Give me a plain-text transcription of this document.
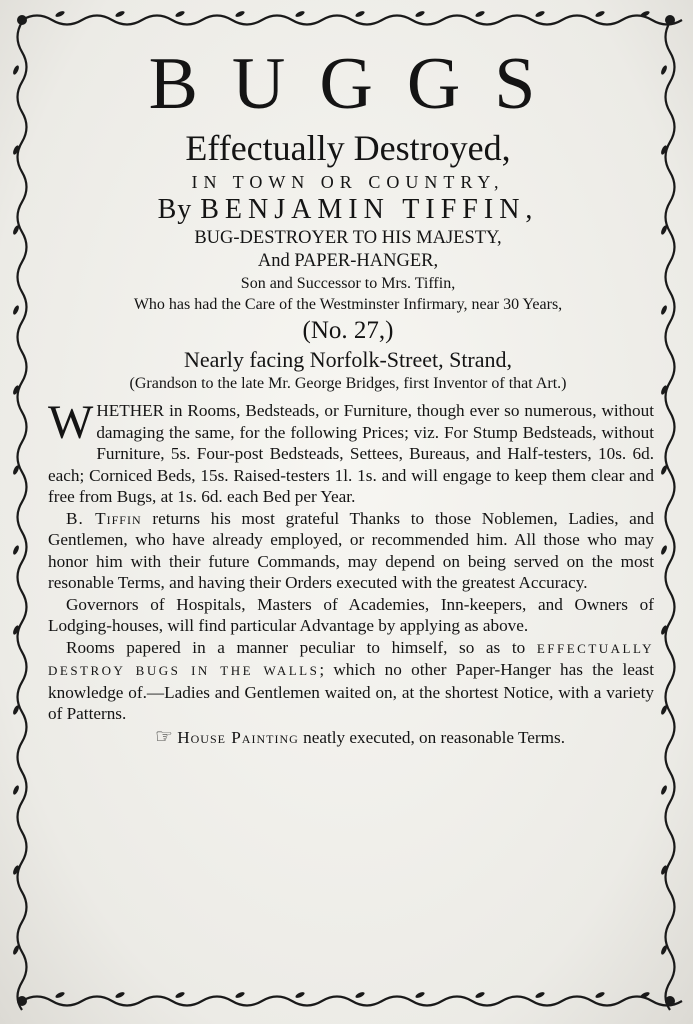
BUGGS
Effectually Destroyed,
IN TOWN OR COUNTRY,
By BENJAMIN TIFFIN,
BUG-DESTROYER TO HIS MAJESTY,
And PAPER-HANGER,
Son and Successor to Mrs. Tiffin,
Who has had the Care of the Westminster Infirmary, near 30 Years,
(No. 27,)
Nearly facing Norfolk-Street, Strand,
(Grandson to the late Mr. George Bridges, first Inventor of that Art.)

WHETHER in Rooms, Bedsteads, or Furniture, though ever so numerous, without damaging the same, for the following Prices; viz. For Stump Bedsteads, without Furniture, 5s. Four-post Bedsteads, Settees, Bureaus, and Half-testers, 10s. 6d. each; Corniced Beds, 15s. Raised-testers 1l. 1s. and will engage to keep them clear and free from Bugs, at 1s. 6d. each Bed per Year.

B. Tiffin returns his most grateful Thanks to those Noblemen, Ladies, and Gentlemen, who have already employed, or recommended him. All those who may honor him with their future Commands, may depend on being served on the most resonable Terms, and having their Orders executed with the greatest Accuracy.

Governors of Hospitals, Masters of Academies, Inn-keepers, and Owners of Lodging-houses, will find particular Advantage by applying as above.

Rooms papered in a manner peculiar to himself, so as to EFFECTUALLY DESTROY BUGS IN THE WALLS; which no other Paper-Hanger has the least knowledge of.—Ladies and Gentlemen waited on, at the shortest Notice, with a variety of Patterns.

☞ House Painting neatly executed, on reasonable Terms.
